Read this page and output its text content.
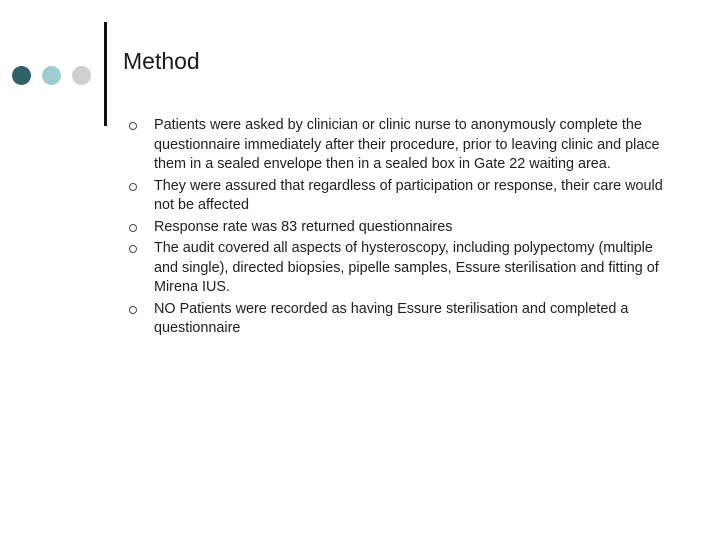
Method
Patients were asked by clinician or clinic nurse to anonymously complete the questionnaire immediately after their procedure, prior to leaving clinic and place them in a sealed envelope then in a sealed box in Gate 22 waiting area.
They were assured that regardless of participation or response, their care would not be affected
Response rate was 83 returned questionnaires
The audit covered all aspects of hysteroscopy, including polypectomy (multiple and single), directed biopsies, pipelle samples, Essure sterilisation and fitting of Mirena IUS.
NO Patients were recorded as having Essure sterilisation and completed a questionnaire
